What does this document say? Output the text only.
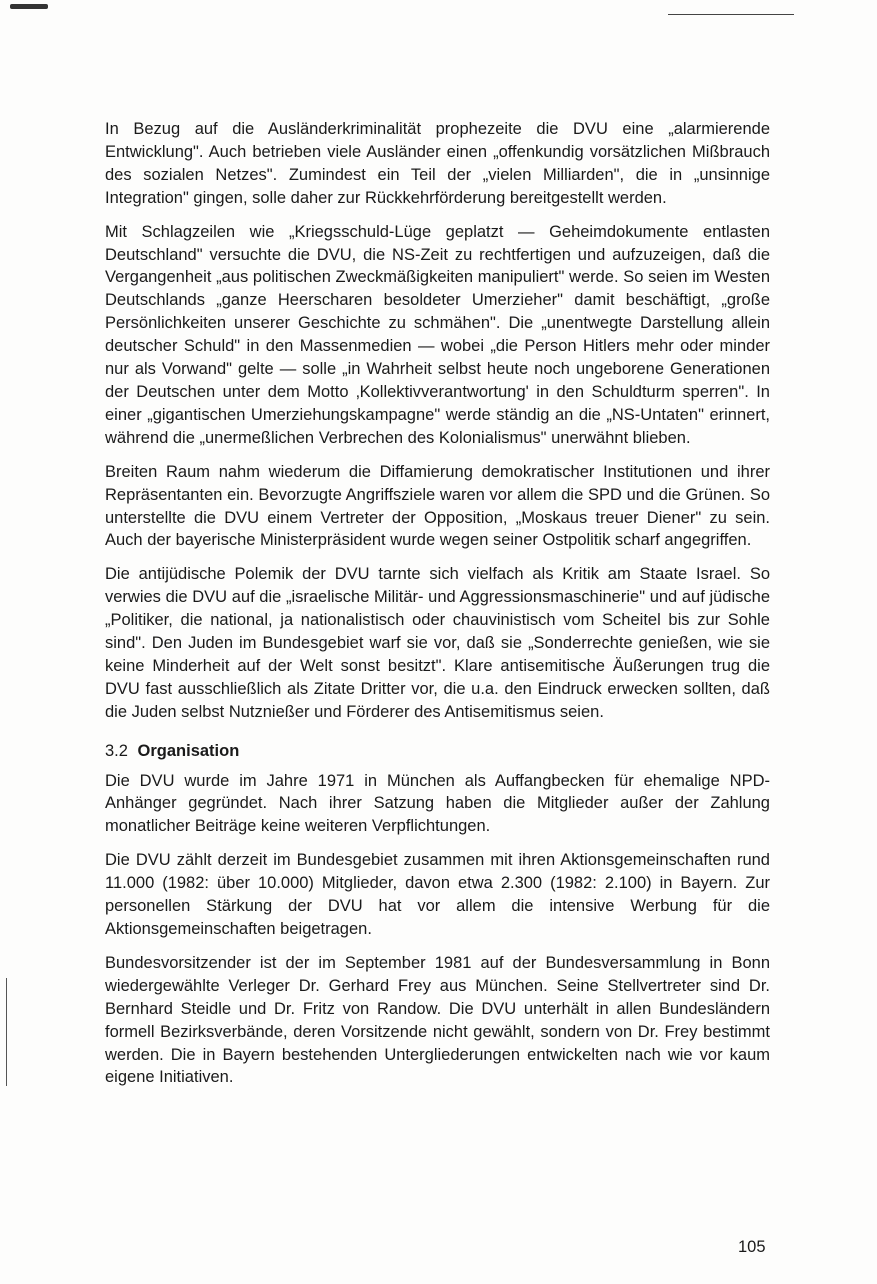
In Bezug auf die Ausländerkriminalität prophezeite die DVU eine „alarmierende Entwicklung". Auch betrieben viele Ausländer einen „offenkundig vorsätzlichen Mißbrauch des sozialen Netzes". Zumindest ein Teil der „vielen Milliarden", die in „unsinnige Integration" gingen, solle daher zur Rückkehrförderung bereitgestellt werden.

Mit Schlagzeilen wie „Kriegsschuld-Lüge geplatzt — Geheimdokumente entlasten Deutschland" versuchte die DVU, die NS-Zeit zu rechtfertigen und aufzuzeigen, daß die Vergangenheit „aus politischen Zweckmäßigkeiten manipuliert" werde. So seien im Westen Deutschlands „ganze Heerscharen besoldeter Umerzieher" damit beschäftigt, „große Persönlichkeiten unserer Geschichte zu schmähen". Die „unentwegte Darstellung allein deutscher Schuld" in den Massenmedien — wobei „die Person Hitlers mehr oder minder nur als Vorwand" gelte — solle „in Wahrheit selbst heute noch ungeborene Generationen der Deutschen unter dem Motto ‚Kollektivverantwortung' in den Schuldturm sperren". In einer „gigantischen Umerziehungskampagne" werde ständig an die „NS-Untaten" erinnert, während die „unermeßlichen Verbrechen des Kolonialismus" unerwähnt blieben.

Breiten Raum nahm wiederum die Diffamierung demokratischer Institutionen und ihrer Repräsentanten ein. Bevorzugte Angriffsziele waren vor allem die SPD und die Grünen. So unterstellte die DVU einem Vertreter der Opposition, „Moskaus treuer Diener" zu sein. Auch der bayerische Ministerpräsident wurde wegen seiner Ostpolitik scharf angegriffen.

Die antijüdische Polemik der DVU tarnte sich vielfach als Kritik am Staate Israel. So verwies die DVU auf die „israelische Militär- und Aggressionsmaschinerie" und auf jüdische „Politiker, die national, ja nationalistisch oder chauvinistisch vom Scheitel bis zur Sohle sind". Den Juden im Bundesgebiet warf sie vor, daß sie „Sonderrechte genießen, wie sie keine Minderheit auf der Welt sonst besitzt". Klare antisemitische Äußerungen trug die DVU fast ausschließlich als Zitate Dritter vor, die u.a. den Eindruck erwecken sollten, daß die Juden selbst Nutznießer und Förderer des Antisemitismus seien.

3.2 Organisation

Die DVU wurde im Jahre 1971 in München als Auffangbecken für ehemalige NPD-Anhänger gegründet. Nach ihrer Satzung haben die Mitglieder außer der Zahlung monatlicher Beiträge keine weiteren Verpflichtungen.

Die DVU zählt derzeit im Bundesgebiet zusammen mit ihren Aktionsgemeinschaften rund 11.000 (1982: über 10.000) Mitglieder, davon etwa 2.300 (1982: 2.100) in Bayern. Zur personellen Stärkung der DVU hat vor allem die intensive Werbung für die Aktionsgemeinschaften beigetragen.

Bundesvorsitzender ist der im September 1981 auf der Bundesversammlung in Bonn wiedergewählte Verleger Dr. Gerhard Frey aus München. Seine Stellvertreter sind Dr. Bernhard Steidle und Dr. Fritz von Randow. Die DVU unterhält in allen Bundesländern formell Bezirksverbände, deren Vorsitzende nicht gewählt, sondern von Dr. Frey bestimmt werden. Die in Bayern bestehenden Untergliederungen entwickelten nach wie vor kaum eigene Initiativen.

105
